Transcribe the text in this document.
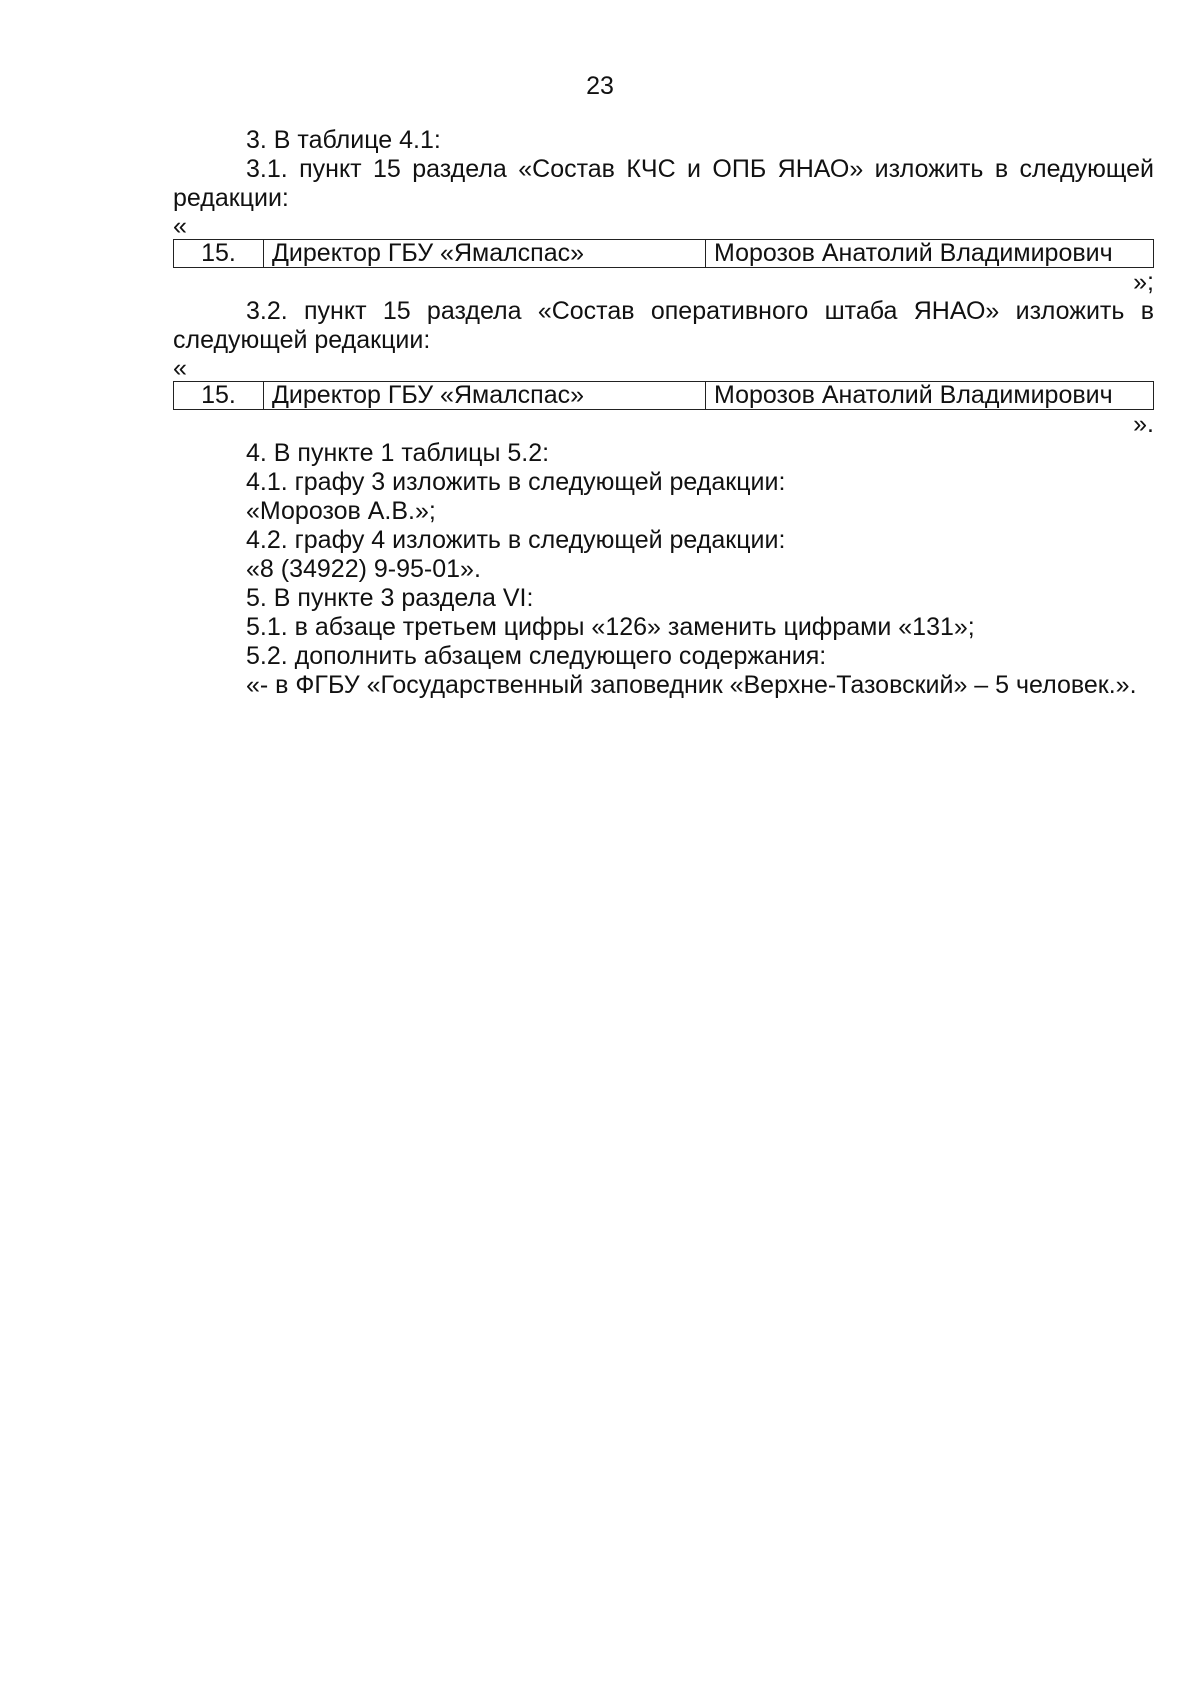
23

3. В таблице 4.1:

3.1. пункт 15 раздела «Состав КЧС и ОПБ ЯНАО» изложить в следующей редакции:

«
15.	Директор ГБУ «Ямалспас»	Морозов Анатолий Владимирович
»;

3.2. пункт 15 раздела «Состав оперативного штаба ЯНАО» изложить в следующей редакции:

«
15.	Директор ГБУ «Ямалспас»	Морозов Анатолий Владимирович
».

4. В пункте 1 таблицы 5.2:

4.1. графу 3 изложить в следующей редакции:

«Морозов А.В.»;

4.2. графу 4 изложить в следующей редакции:

«8 (34922) 9-95-01».

5. В пункте 3 раздела VI:

5.1. в абзаце третьем цифры «126» заменить цифрами «131»;

5.2. дополнить абзацем следующего содержания:

«- в ФГБУ «Государственный заповедник «Верхне-Тазовский» – 5 человек.».
